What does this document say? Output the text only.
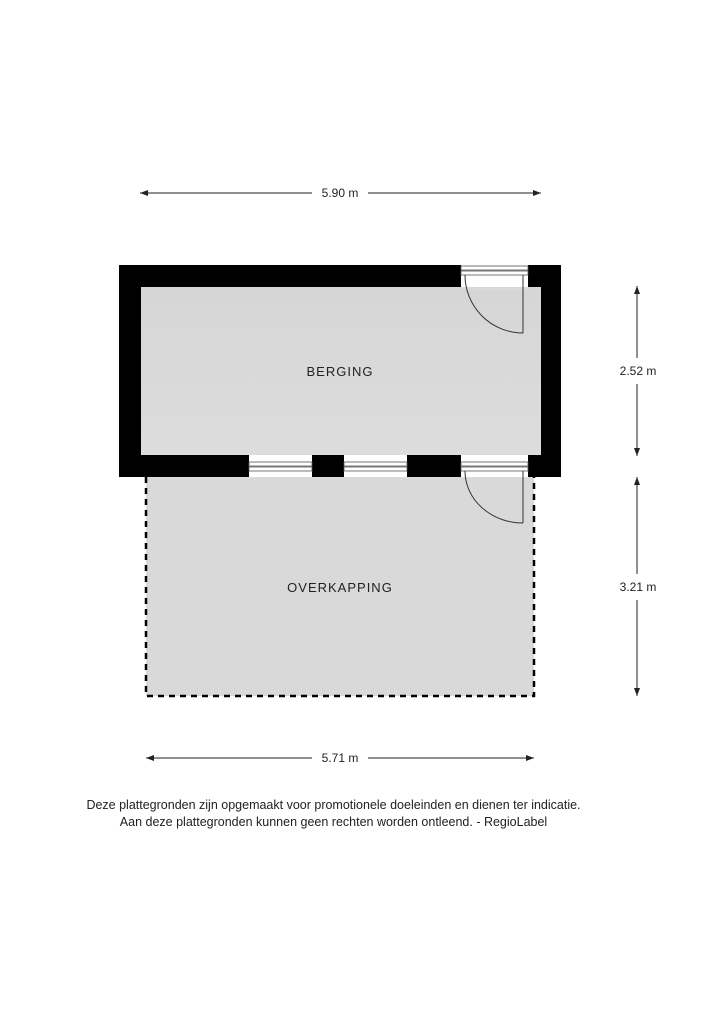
5.90 m
BERGING
OVERKAPPING
2.52 m
3.21 m
5.71 m
Deze plattegronden zijn opgemaakt voor promotionele doeleinden en dienen ter indicatie.
Aan deze plattegronden kunnen geen rechten worden ontleend. - RegioLabel
